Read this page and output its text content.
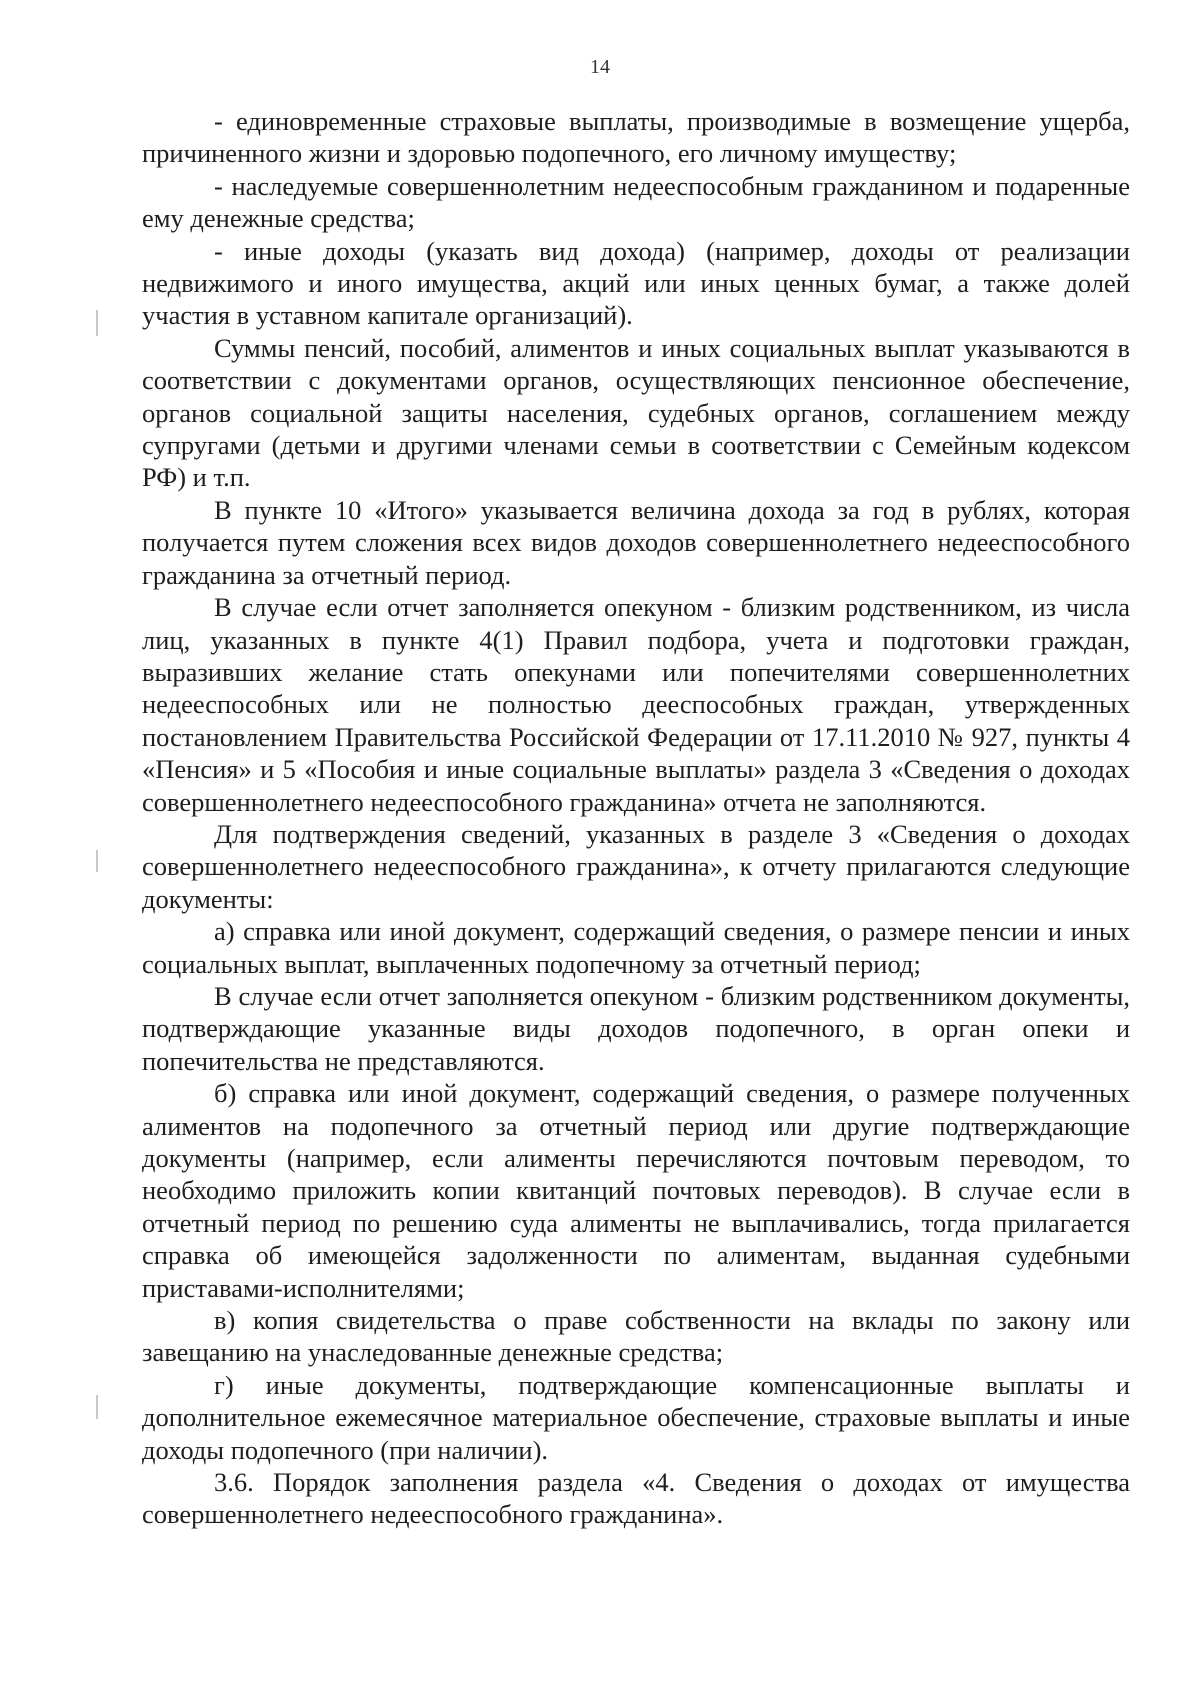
14

- единовременные страховые выплаты, производимые в возмещение ущерба, причиненного жизни и здоровью подопечного, его личному имуществу;

- наследуемые совершеннолетним недееспособным гражданином и подаренные ему денежные средства;

- иные доходы (указать вид дохода) (например, доходы от реализации недвижимого и иного имущества, акций или иных ценных бумаг, а также долей участия в уставном капитале организаций).

Суммы пенсий, пособий, алиментов и иных социальных выплат указываются в соответствии с документами органов, осуществляющих пенсионное обеспечение, органов социальной защиты населения, судебных органов, соглашением между супругами (детьми и другими членами семьи в соответствии с Семейным кодексом РФ) и т.п.

В пункте 10 «Итого» указывается величина дохода за год в рублях, которая получается путем сложения всех видов доходов совершеннолетнего недееспособного гражданина за отчетный период.

В случае если отчет заполняется опекуном - близким родственником, из числа лиц, указанных в пункте 4(1) Правил подбора, учета и подготовки граждан, выразивших желание стать опекунами или попечителями совершеннолетних недееспособных или не полностью дееспособных граждан, утвержденных постановлением Правительства Российской Федерации от 17.11.2010 № 927, пункты 4 «Пенсия» и 5 «Пособия и иные социальные выплаты» раздела 3 «Сведения о доходах совершеннолетнего недееспособного гражданина» отчета не заполняются.

Для подтверждения сведений, указанных в разделе 3 «Сведения о доходах совершеннолетнего недееспособного гражданина», к отчету прилагаются следующие документы:

а) справка или иной документ, содержащий сведения, о размере пенсии и иных социальных выплат, выплаченных подопечному за отчетный период;

В случае если отчет заполняется опекуном - близким родственником документы, подтверждающие указанные виды доходов подопечного, в орган опеки и попечительства не представляются.

б) справка или иной документ, содержащий сведения, о размере полученных алиментов на подопечного за отчетный период или другие подтверждающие документы (например, если алименты перечисляются почтовым переводом, то необходимо приложить копии квитанций почтовых переводов). В случае если в отчетный период по решению суда алименты не выплачивались, тогда прилагается справка об имеющейся задолженности по алиментам, выданная судебными приставами-исполнителями;

в) копия свидетельства о праве собственности на вклады по закону или завещанию на унаследованные денежные средства;

г) иные документы, подтверждающие компенсационные выплаты и дополнительное ежемесячное материальное обеспечение, страховые выплаты и иные доходы подопечного (при наличии).

3.6. Порядок заполнения раздела «4. Сведения о доходах от имущества совершеннолетнего недееспособного гражданина».
